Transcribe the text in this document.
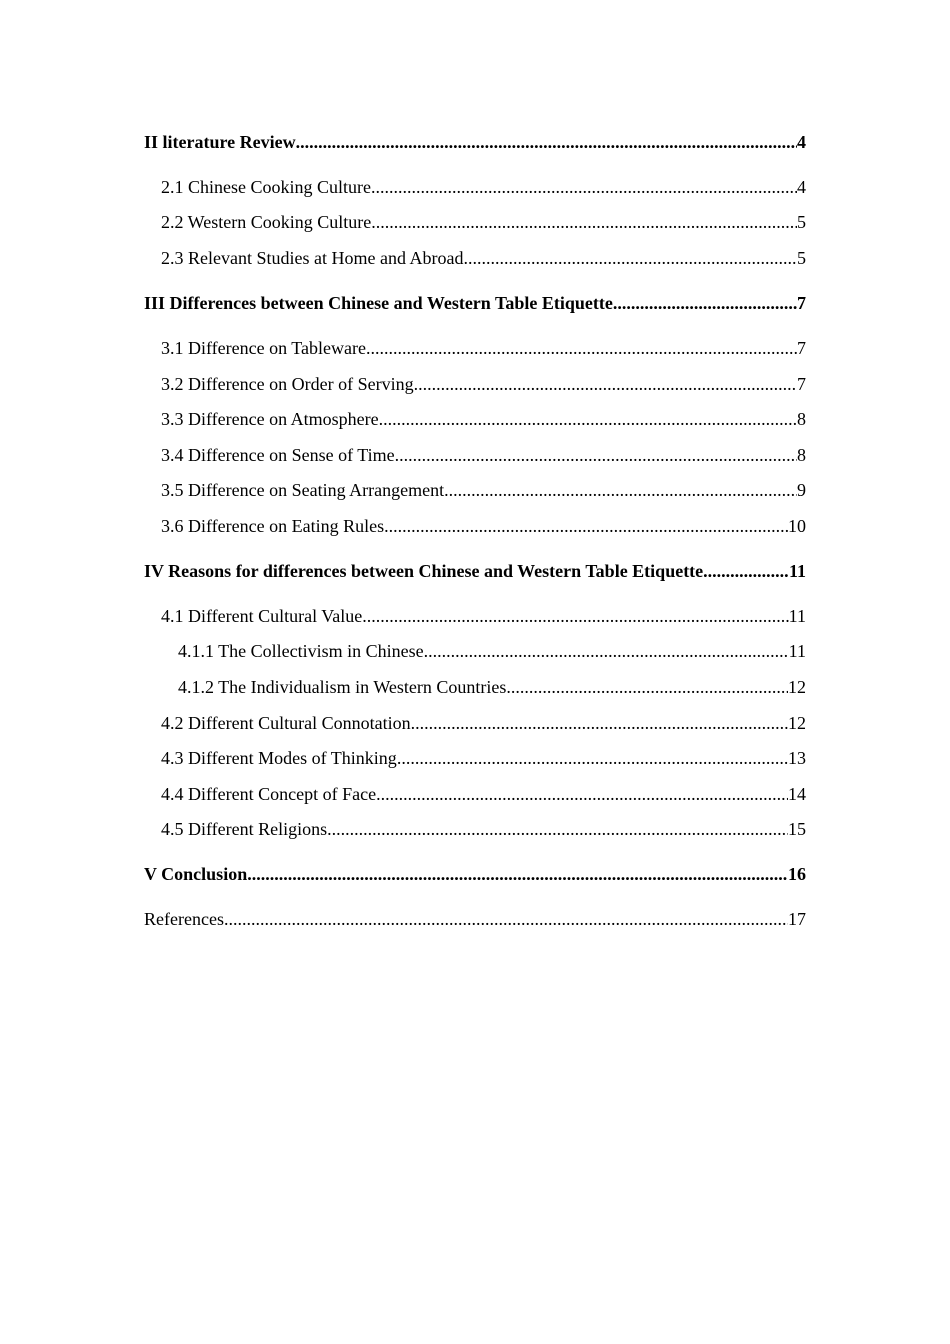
II literature Review .....	4
2.1 Chinese Cooking Culture .....	4
2.2 Western Cooking Culture .....	5
2.3 Relevant Studies at Home and Abroad .....	5
III Differences between Chinese and Western Table Etiquette .....	7
3.1 Difference on Tableware .....	7
3.2 Difference on Order of Serving .....	7
3.3 Difference on Atmosphere .....	8
3.4 Difference on Sense of Time .....	8
3.5 Difference on Seating Arrangement .....	9
3.6 Difference on Eating Rules .....	10
IV Reasons for differences between Chinese and Western Table Etiquette .....	11
4.1 Different Cultural Value .....	11
4.1.1 The Collectivism in Chinese .....	11
4.1.2 The Individualism in Western Countries .....	12
4.2 Different Cultural Connotation .....	12
4.3 Different Modes of Thinking .....	13
4.4 Different Concept of Face .....	14
4.5 Different Religions .....	15
V Conclusion .....	16
References .....	17
